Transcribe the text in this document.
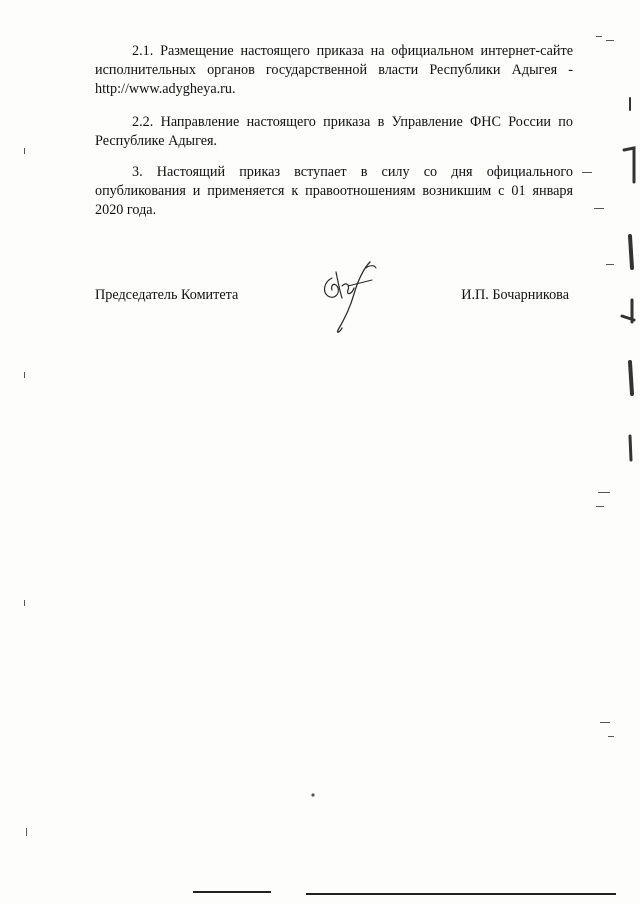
2.1. Размещение настоящего приказа на официальном интернет-сайте исполнительных органов государственной власти Республики Адыгея - http://www.adygheya.ru.

2.2. Направление настоящего приказа в Управление ФНС России по Республике Адыгея.

3. Настоящий приказ вступает в силу со дня официального опубликования и применяется к правоотношениям возникшим с 01 января 2020 года.

Председатель Комитета	И.П. Бочарникова
